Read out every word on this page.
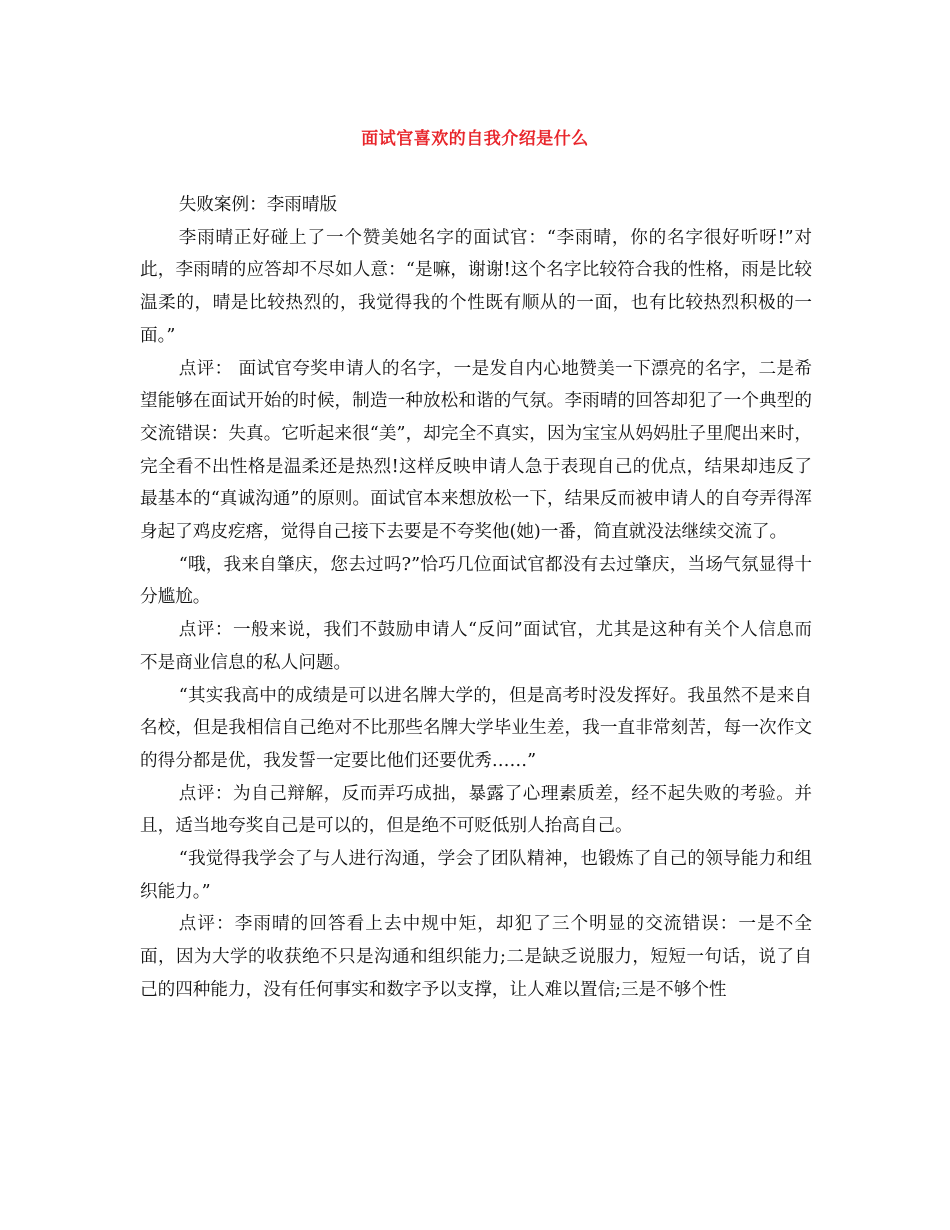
面试官喜欢的自我介绍是什么

失败案例：李雨晴版

李雨晴正好碰上了一个赞美她名字的面试官：“李雨晴，你的名字很好听呀!”对此，李雨晴的应答却不尽如人意：“是嘛，谢谢!这个名字比较符合我的性格，雨是比较温柔的，晴是比较热烈的，我觉得我的个性既有顺从的一面，也有比较热烈积极的一面。”

点评： 面试官夸奖申请人的名字，一是发自内心地赞美一下漂亮的名字，二是希望能够在面试开始的时候，制造一种放松和谐的气氛。李雨晴的回答却犯了一个典型的交流错误：失真。它听起来很“美”，却完全不真实，因为宝宝从妈妈肚子里爬出来时，完全看不出性格是温柔还是热烈!这样反映申请人急于表现自己的优点，结果却违反了最基本的“真诚沟通”的原则。面试官本来想放松一下，结果反而被申请人的自夸弄得浑身起了鸡皮疙瘩，觉得自己接下去要是不夸奖他(她)一番，简直就没法继续交流了。

“哦，我来自肇庆，您去过吗?”恰巧几位面试官都没有去过肇庆，当场气氛显得十分尴尬。

点评：一般来说，我们不鼓励申请人“反问”面试官，尤其是这种有关个人信息而不是商业信息的私人问题。

“其实我高中的成绩是可以进名牌大学的，但是高考时没发挥好。我虽然不是来自名校，但是我相信自己绝对不比那些名牌大学毕业生差，我一直非常刻苦，每一次作文的得分都是优，我发誓一定要比他们还要优秀……”

点评：为自己辩解，反而弄巧成拙，暴露了心理素质差，经不起失败的考验。并且，适当地夸奖自己是可以的，但是绝不可贬低别人抬高自己。

“我觉得我学会了与人进行沟通，学会了团队精神，也锻炼了自己的领导能力和组织能力。”

点评：李雨晴的回答看上去中规中矩，却犯了三个明显的交流错误：一是不全面，因为大学的收获绝不只是沟通和组织能力;二是缺乏说服力，短短一句话，说了自己的四种能力，没有任何事实和数字予以支撑，让人难以置信;三是不够个性
